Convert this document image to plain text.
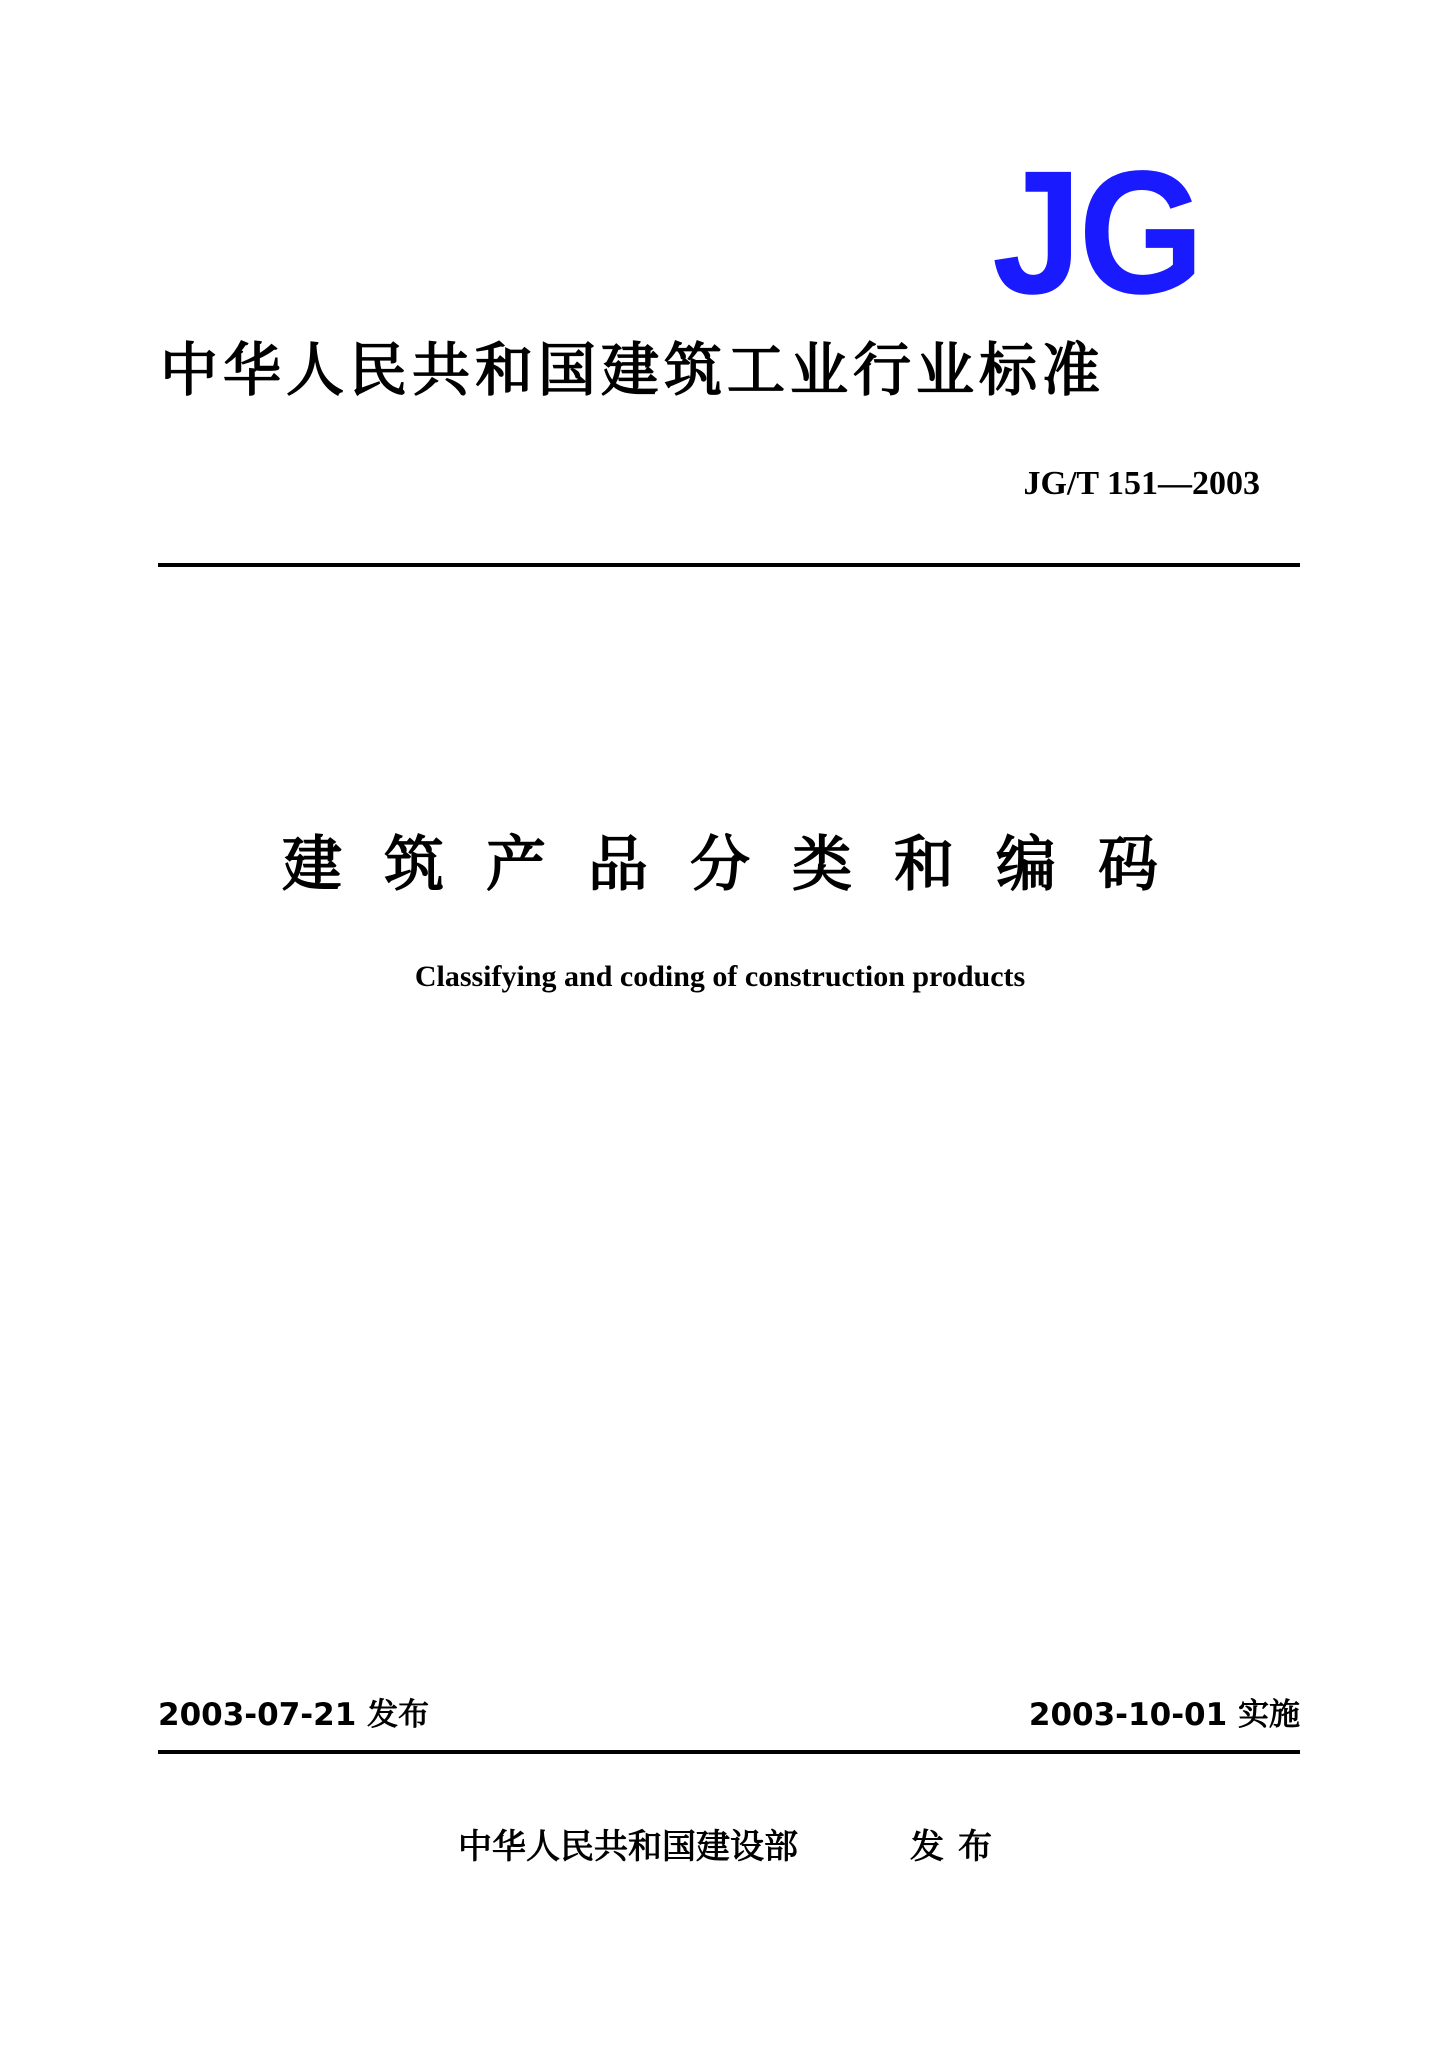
JG
中华人民共和国建筑工业行业标准
JG/T 151—2003
建筑产品分类和编码
Classifying and coding of construction products
2003-07-21 发布	2003-10-01 实施
中华人民共和国建设部	发布
